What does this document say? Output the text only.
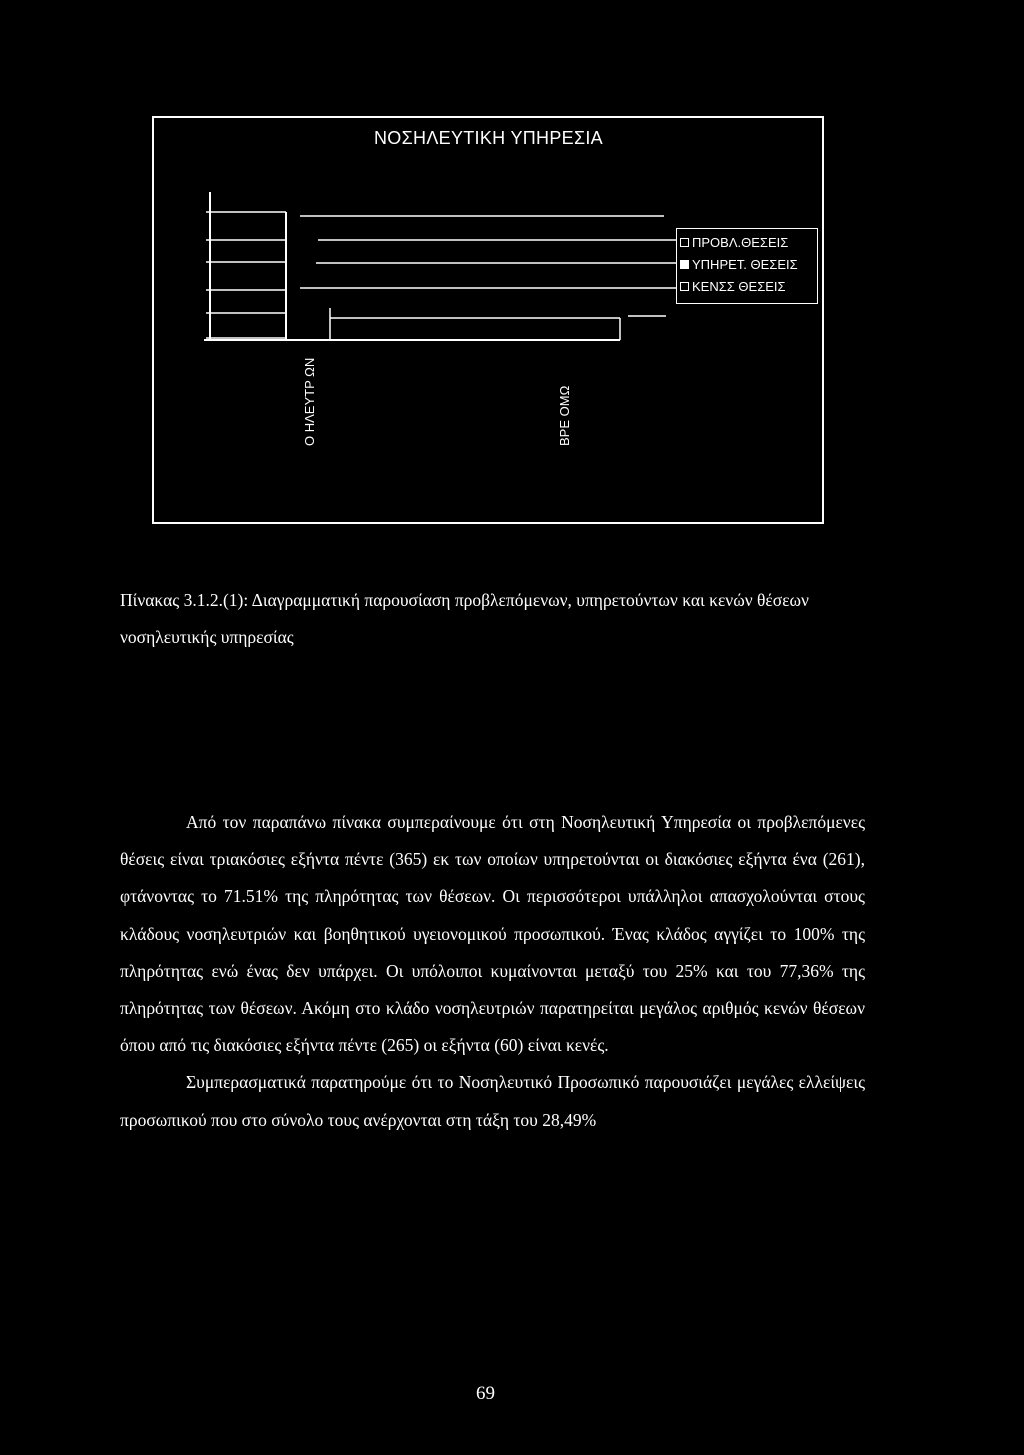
ΝΟΣΗΛΕΥΤΙΚΗ ΥΠΗΡΕΣΙΑ
ΠΡΟΒΛ.ΘΕΣΕΙΣ
ΥΠΗΡΕΤ. ΘΕΣΕΙΣ
ΚΕΝΣΣ ΘΕΣΕΙΣ
Ο ΗΛΕΥΤΡ ΩΝ	ΒΡΕ ΟΜΩ
Πίνακας 3.1.2.(1): Διαγραμματική παρουσίαση προβλεπόμενων, υπηρετούντων και κενών θέσεων νοσηλευτικής υπηρεσίας

Από τον παραπάνω πίνακα συμπεραίνουμε ότι στη Νοσηλευτική Υπηρεσία οι προβλεπόμενες θέσεις είναι τριακόσιες εξήντα πέντε (365) εκ των οποίων υπηρετούνται οι διακόσιες εξήντα ένα (261), φτάνοντας το 71.51% της πληρότητας των θέσεων. Οι περισσότεροι υπάλληλοι απασχολούνται στους κλάδους νοσηλευτριών και βοηθητικού υγειονομικού προσωπικού. Ένας κλάδος αγγίζει το 100% της πληρότητας ενώ ένας δεν υπάρχει. Οι υπόλοιποι κυμαίνονται μεταξύ του 25% και του 77,36% της πληρότητας των θέσεων. Ακόμη στο κλάδο νοσηλευτριών παρατηρείται μεγάλος αριθμός κενών θέσεων όπου από τις διακόσιες εξήντα πέντε (265) οι εξήντα (60) είναι κενές.

Συμπερασματικά παρατηρούμε ότι το Νοσηλευτικό Προσωπικό παρουσιάζει μεγάλες ελλείψεις προσωπικού που στο σύνολο τους ανέρχονται στη τάξη του 28,49%

69
